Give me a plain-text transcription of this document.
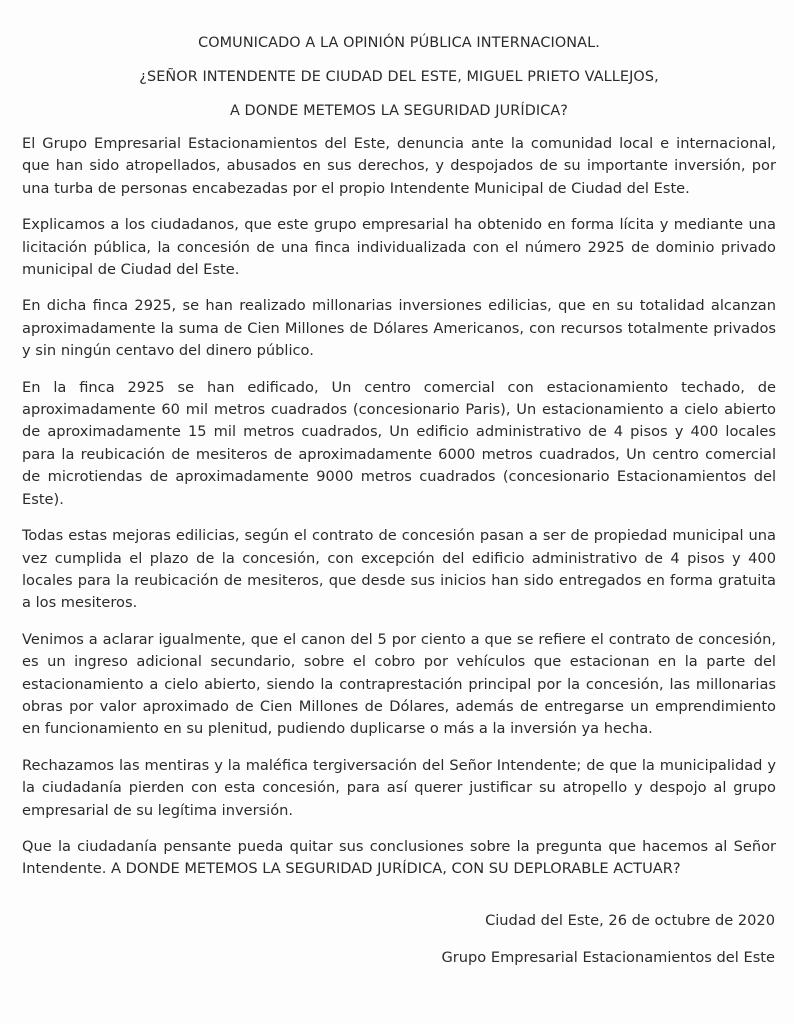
COMUNICADO A LA OPINIÓN PÚBLICA INTERNACIONAL.

¿SEÑOR INTENDENTE DE CIUDAD DEL ESTE, MIGUEL PRIETO VALLEJOS,

A DONDE METEMOS LA SEGURIDAD JURÍDICA?

El Grupo Empresarial Estacionamientos del Este, denuncia ante la comunidad local e internacional, que han sido atropellados, abusados en sus derechos, y despojados de su importante inversión, por una turba de personas encabezadas por el propio Intendente Municipal de Ciudad del Este.

Explicamos a los ciudadanos, que este grupo empresarial ha obtenido en forma lícita y mediante una licitación pública, la concesión de una finca individualizada con el número 2925 de dominio privado municipal de Ciudad del Este.

En dicha finca 2925, se han realizado millonarias inversiones edilicias, que en su totalidad alcanzan aproximadamente la suma de Cien Millones de Dólares Americanos, con recursos totalmente privados y sin ningún centavo del dinero público.

En la finca 2925 se han edificado, Un centro comercial con estacionamiento techado, de aproximadamente 60 mil metros cuadrados (concesionario Paris), Un estacionamiento a cielo abierto de aproximadamente 15 mil metros cuadrados, Un edificio administrativo de 4 pisos y 400 locales para la reubicación de mesiteros de aproximadamente 6000 metros cuadrados, Un centro comercial de microtiendas de aproximadamente 9000 metros cuadrados (concesionario Estacionamientos del Este).

Todas estas mejoras edilicias, según el contrato de concesión pasan a ser de propiedad municipal una vez cumplida el plazo de la concesión, con excepción del edificio administrativo de 4 pisos y 400 locales para la reubicación de mesiteros, que desde sus inicios han sido entregados en forma gratuita a los mesiteros.

Venimos a aclarar igualmente, que el canon del 5 por ciento a que se refiere el contrato de concesión, es un ingreso adicional secundario, sobre el cobro por vehículos que estacionan en la parte del estacionamiento a cielo abierto, siendo la contraprestación principal por la concesión, las millonarias obras por valor aproximado de Cien Millones de Dólares, además de entregarse un emprendimiento en funcionamiento en su plenitud, pudiendo duplicarse o más a la inversión ya hecha.

Rechazamos las mentiras y la maléfica tergiversación del Señor Intendente; de que la municipalidad y la ciudadanía pierden con esta concesión, para así querer justificar su atropello y despojo al grupo empresarial de su legítima inversión.

Que la ciudadanía pensante pueda quitar sus conclusiones sobre la pregunta que hacemos al Señor Intendente. A DONDE METEMOS LA SEGURIDAD JURÍDICA, CON SU DEPLORABLE ACTUAR?

Ciudad del Este, 26 de octubre de 2020

Grupo Empresarial Estacionamientos del Este
